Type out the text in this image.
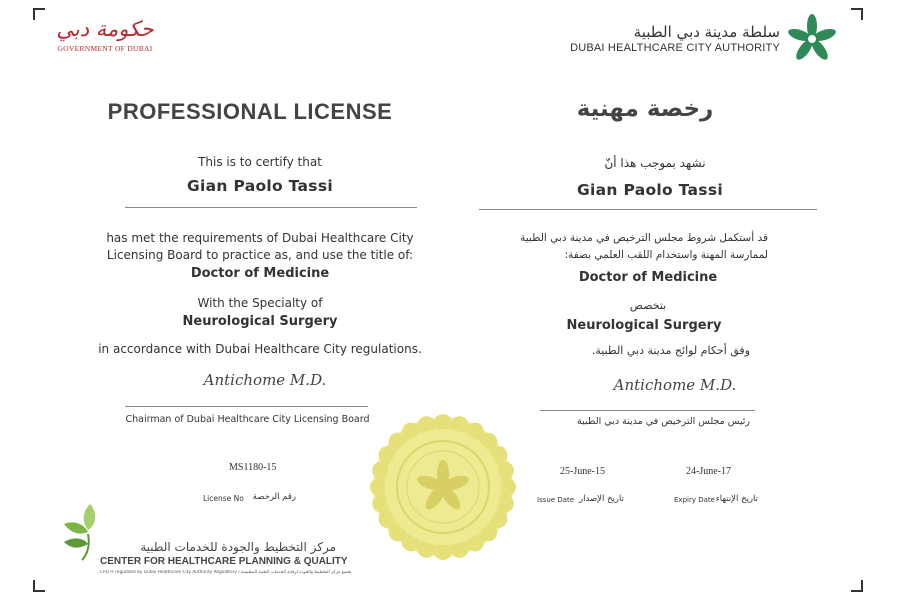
حكومة دبي
GOVERNMENT OF DUBAI
سلطة مدينة دبي الطبية
DUBAI HEALTHCARE CITY AUTHORITY
PROFESSIONAL LICENSE
This is to certify that
Gian Paolo Tassi
has met the requirements of Dubai Healthcare City
Licensing Board to practice as, and use the title of:
Doctor of Medicine
With the Specialty of
Neurological Surgery
in accordance with Dubai Healthcare City regulations.
Antichome M.D.
Chairman of Dubai Healthcare City Licensing Board
MS1180-15
License No	رقم الرخصة
رخصة مهنية
نشهد بموجب هذا أنّ
Gian Paolo Tassi
قد أستكمل شروط مجلس الترخيص في مدينة دبي الطبية
لممارسة المهنة واستخدام اللقب العلمي بصفة:
Doctor of Medicine
بتخصص
Neurological Surgery
وفق أحكام لوائح مدينة دبي الطبية.
Antichome M.D.
رئيس مجلس الترخيص في مدينة دبي الطبية
25-June-15	24-June-17
Issue Date تاريخ الإصدار	Expiry Date تاريخ الإنتهاء
مركز التخطيط والجودة للخدمات الطبية
CENTER FOR HEALTHCARE PLANNING & QUALITY
CPQ is regulated by Dubai Healthcare City Authority Regulatory | يخضع مركز التخطيط والجودة لرقابة الخدمات الطبية التنظيمية
